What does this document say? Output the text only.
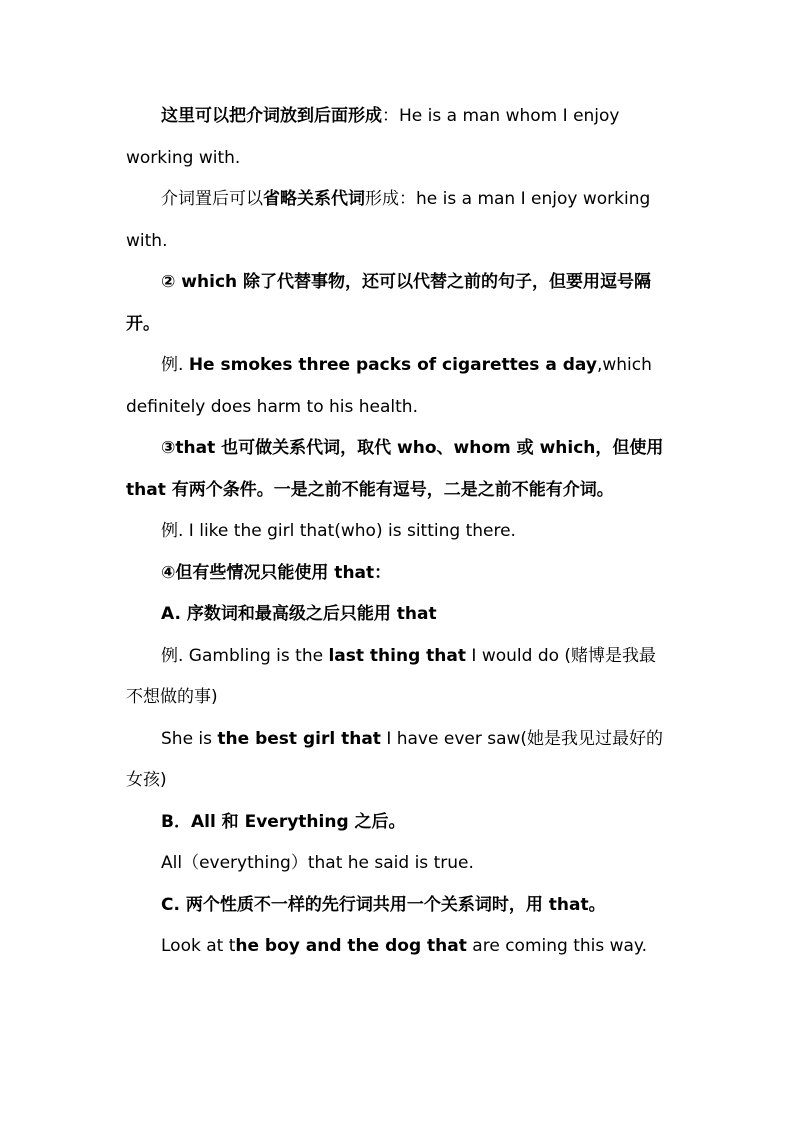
这里可以把介词放到后面形成：He is a man whom I enjoy working with.

介词置后可以省略关系代词形成：he is a man I enjoy working with.

② which 除了代替事物，还可以代替之前的句子，但要用逗号隔开。

例. He smokes three packs of cigarettes a day,which definitely does harm to his health.

③that 也可做关系代词，取代 who、whom 或 which，但使用 that 有两个条件。一是之前不能有逗号，二是之前不能有介词。

例. I like the girl that(who) is sitting there.

④但有些情况只能使用 that：

A. 序数词和最高级之后只能用 that

例. Gambling is the last thing that I would do (赌博是我最不想做的事)

She is the best girl that I have ever saw(她是我见过最好的女孩)

B．All 和 Everything 之后。

All（everything）that he said is true.

C. 两个性质不一样的先行词共用一个关系词时，用 that。

Look at the boy and the dog that are coming this way.
